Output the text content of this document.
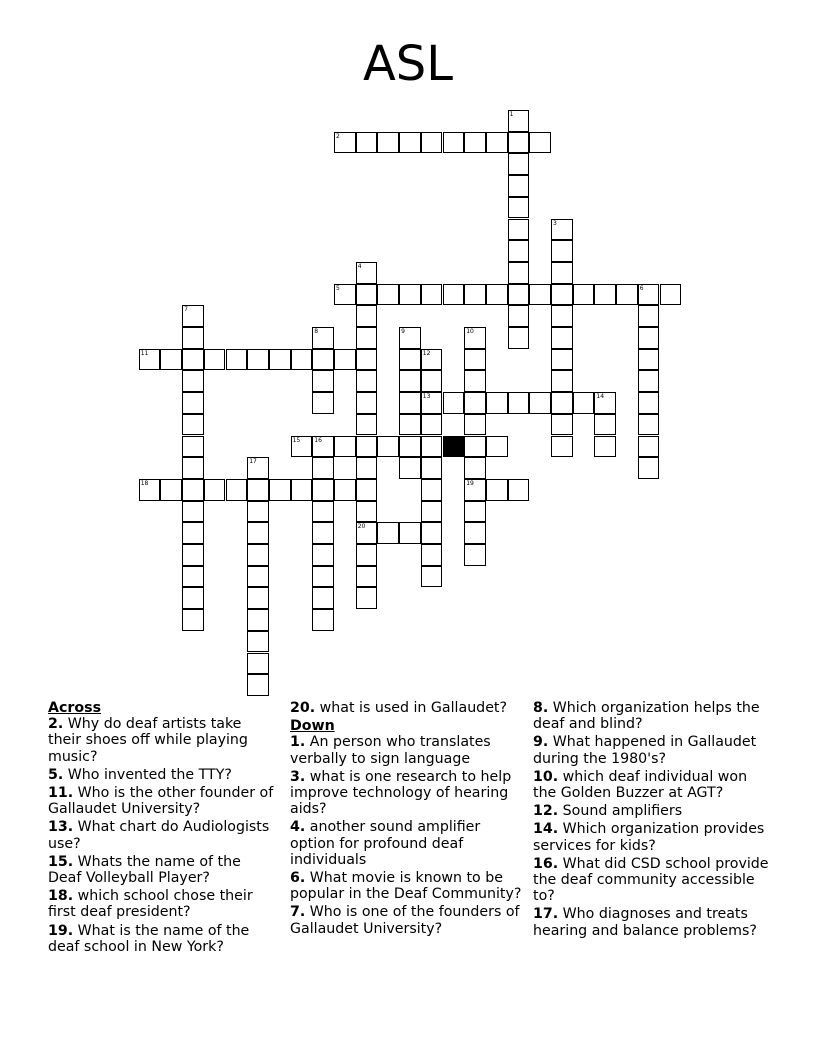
ASL
1
2
3
4
20
5	6
7
8	9	10
19
11	12
13	14
15 16
17
18
Across
2. Why do deaf artists take their shoes off while playing music?
5. Who invented the TTY?
11. Who is the other founder of Gallaudet University?
13. What chart do Audiologists use?
15. Whats the name of the Deaf Volleyball Player?
18. which school chose their first deaf president?
19. What is the name of the deaf school in New York?
20. what is used in Gallaudet?
Down
1. An person who translates verbally to sign language
3. what is one research to help improve technology of hearing aids?
4. another sound amplifier option for profound deaf individuals
6. What movie is known to be popular in the Deaf Community?
7. Who is one of the founders of Gallaudet University?
8. Which organization helps the deaf and blind?
9. What happened in Gallaudet during the 1980's?
10. which deaf individual won the Golden Buzzer at AGT?
12. Sound amplifiers
14. Which organization provides services for kids?
16. What did CSD school provide the deaf community accessible to?
17. Who diagnoses and treats hearing and balance problems?
